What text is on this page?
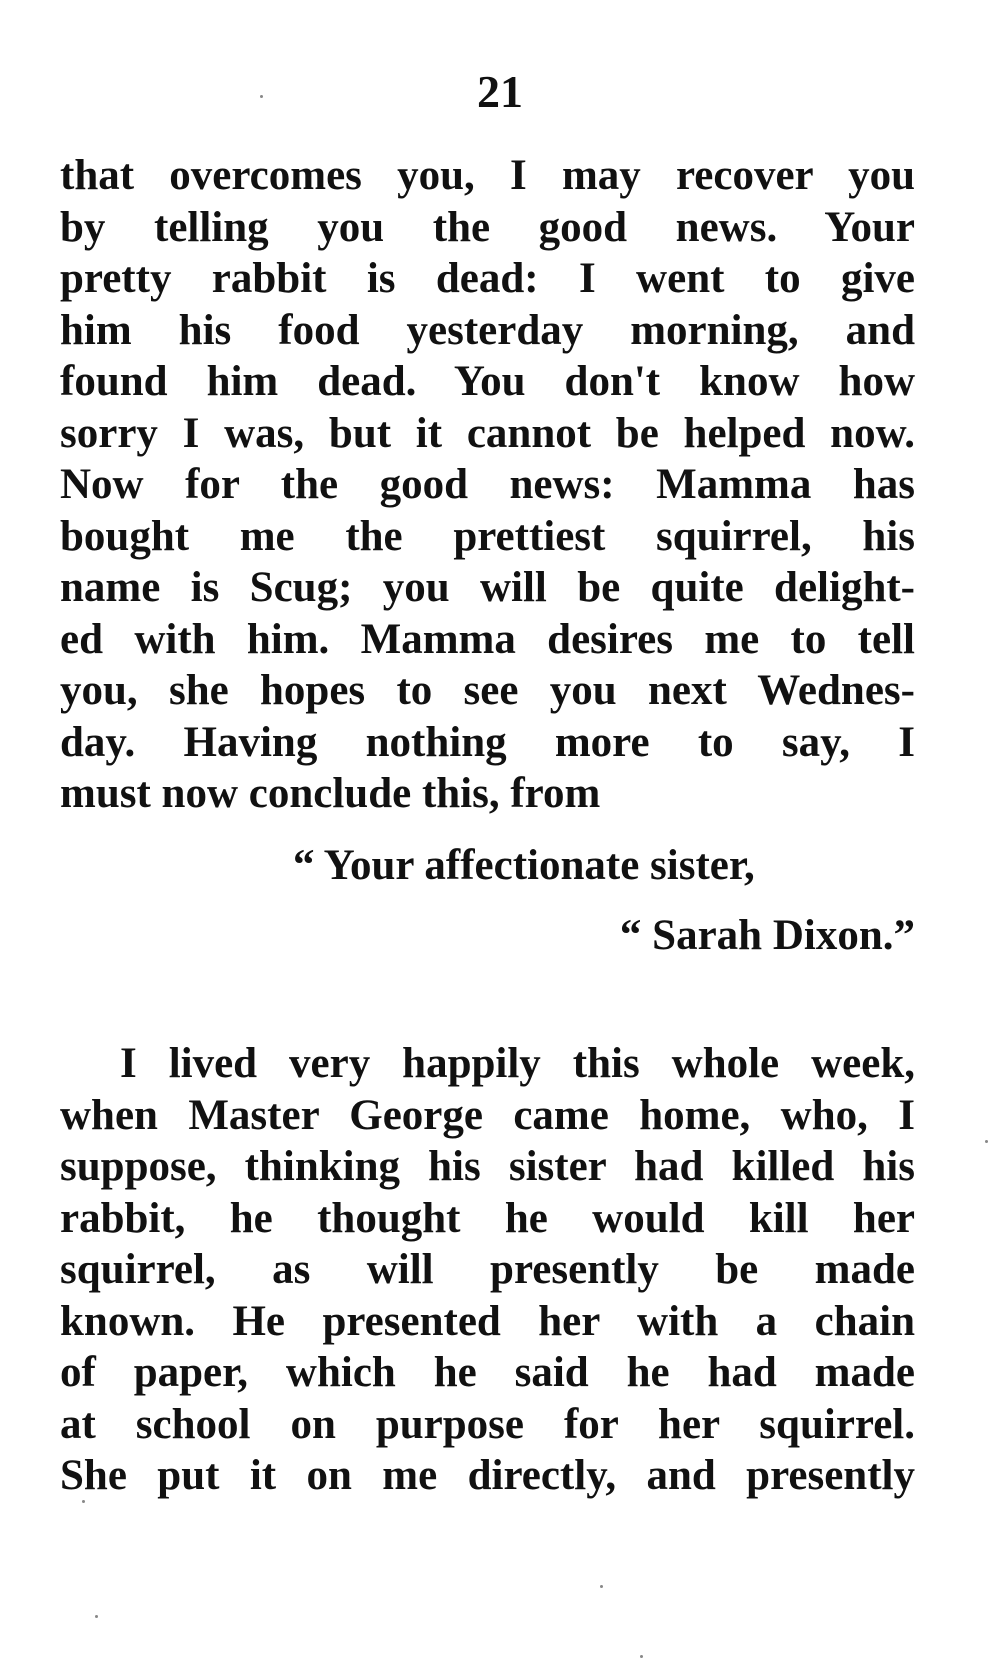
21
that overcomes you, I may recover you
by telling you the good news. Your
pretty rabbit is dead: I went to give
him his food yesterday morning, and
found him dead. You don't know how
sorry I was, but it cannot be helped now.
Now for the good news: Mamma has
bought me the prettiest squirrel, his
name is Scug; you will be quite delight-
ed with him. Mamma desires me to tell
you, she hopes to see you next Wednes-
day. Having nothing more to say, I
must now conclude this, from
“ Your affectionate sister,
“ Sarah Dixon.”
I lived very happily this whole week,
when Master George came home, who, I
suppose, thinking his sister had killed his
rabbit, he thought he would kill her
squirrel, as will presently be made
known. He presented her with a chain
of paper, which he said he had made
at school on purpose for her squirrel.
She put it on me directly, and presently
